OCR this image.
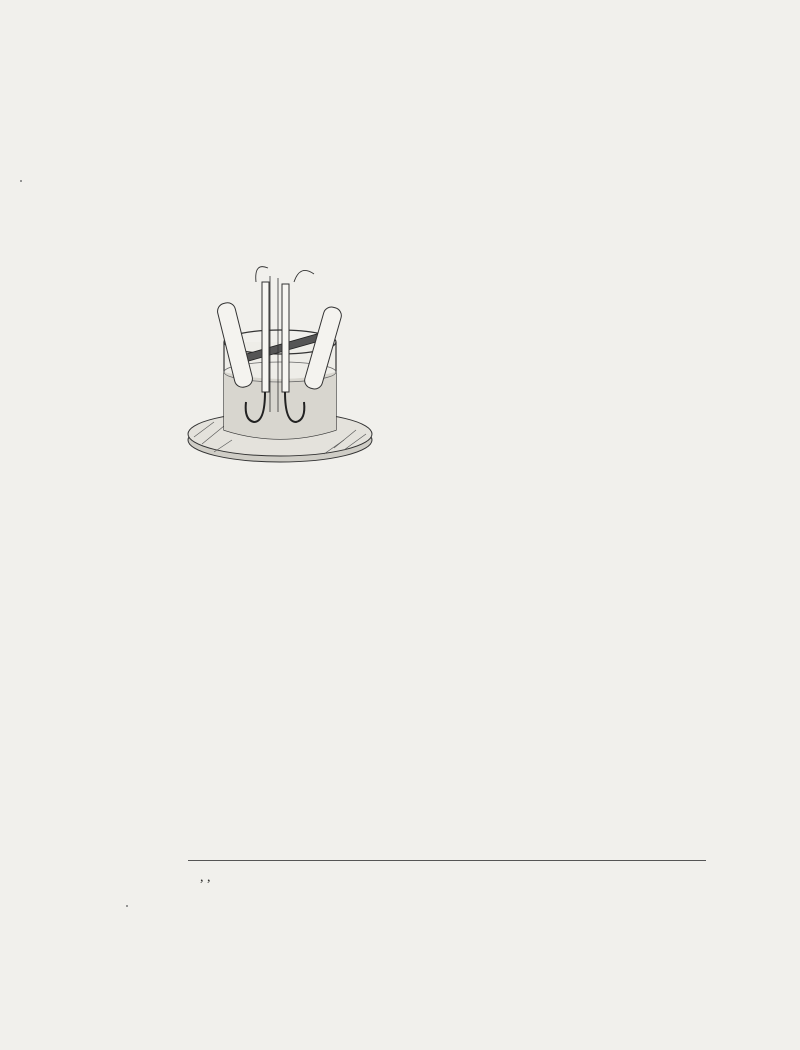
, ,
